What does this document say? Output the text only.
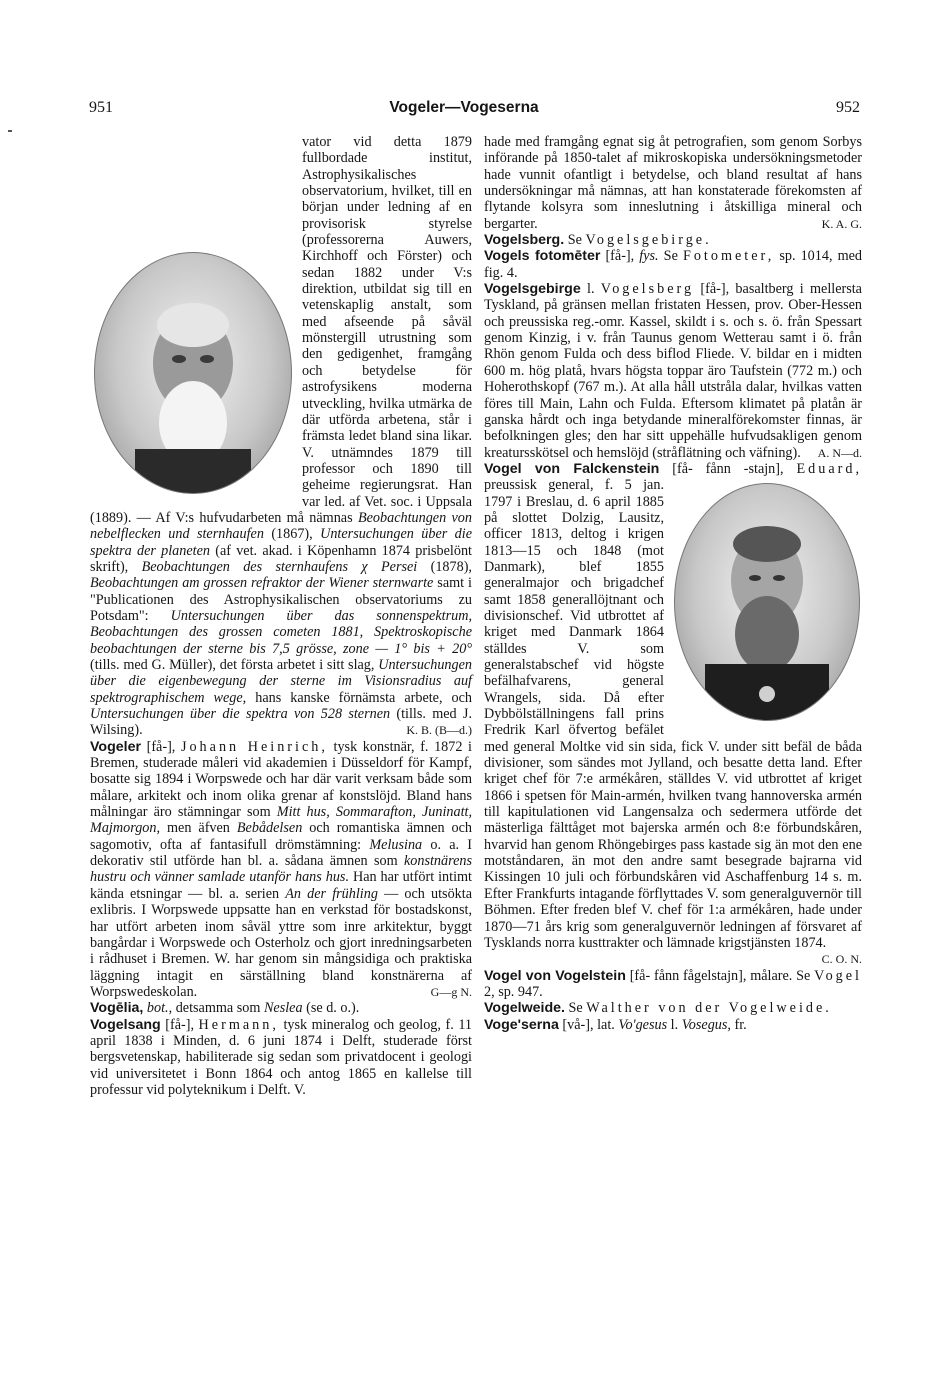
951	Vogeler—Vogeserna	952

vator vid detta 1879 fullbordade institut, Astrophysikalisches observatorium, hvilket, till en början under ledning af en provisorisk styrelse (professorerna Auwers, Kirchhoff och Förster) och sedan 1882 under V:s direktion, utbildat sig till en vetenskaplig anstalt, som med afseende på såväl mönstergill utrustning som den gedigenhet, framgång och betydelse för astrofysikens moderna utveckling, hvilka utmärka de där utförda arbetena, står i främsta ledet bland sina likar. V. utnämndes 1879 till professor och 1890 till geheime regierungsrat. Han var led. af Vet. soc. i Uppsala (1889). — Af V:s hufvudarbeten må nämnas Beobachtungen von nebelflecken und sternhaufen (1867), Untersuchungen über die spektra der planeten (af vet. akad. i Köpenhamn 1874 prisbelönt skrift), Beobachtungen des sternhaufens χ Persei (1878), Beobachtungen am grossen refraktor der Wiener sternwarte samt i "Publicationen des Astrophysikalischen observatoriums zu Potsdam": Untersuchungen über das sonnenspektrum, Beobachtungen des grossen cometen 1881, Spektroskopische beobachtungen der sterne bis 7,5 grösse, zone — 1° bis + 20° (tills. med G. Müller), det första arbetet i sitt slag, Untersuchungen über die eigenbewegung der sterne im Visionsradius auf spektrographischem wege, hans kanske förnämsta arbete, och Untersuchungen über die spektra von 528 sternen (tills. med J. Wilsing).	K. B. (B—d.)

Vogeler [få-], Johann Heinrich, tysk konstnär, f. 1872 i Bremen, studerade måleri vid akademien i Düsseldorf för Kampf, bosatte sig 1894 i Worpswede och har där varit verksam både som målare, arkitekt och inom olika grenar af konstslöjd. Bland hans målningar äro stämningar som Mitt hus, Sommarafton, Juninatt, Majmorgon, men äfven Bebådelsen och romantiska ämnen och sagomotiv, ofta af fantasifull drömstämning: Melusina o. a. I dekorativ stil utförde han bl. a. sådana ämnen som konstnärens hustru och vänner samlade utanför hans hus. Han har utfört intimt kända etsningar — bl. a. serien An der frühling — och utsökta exlibris. I Worpswede uppsatte han en verkstad för bostadskonst, har utfört arbeten inom såväl yttre som inre arkitektur, byggt bangårdar i Worpswede och Osterholz och gjort inredningsarbeten i rådhuset i Bremen. W. har genom sin mångsidiga och praktiska läggning intagit en särställning bland konstnärerna af Worpswedeskolan.	G—g N.

Vogēlia, bot., detsamma som Neslea (se d. o.).

Vogelsang [få-], Hermann, tysk mineralog och geolog, f. 11 april 1838 i Minden, d. 6 juni 1874 i Delft, studerade först bergsvetenskap, habiliterade sig sedan som privatdocent i geologi vid universitetet i Bonn 1864 och antog 1865 en kallelse till professur vid polyteknikum i Delft. V.

hade med framgång egnat sig åt petrografien, som genom Sorbys införande på 1850-talet af mikroskopiska undersökningsmetoder hade vunnit ofantligt i betydelse, och bland resultat af hans undersökningar må nämnas, att han konstaterade förekomsten af flytande kolsyra som inneslutning i åtskilliga mineral och bergarter.	K. A. G.

Vogelsberg. Se Vogelsgebirge.

Vogels fotomēter [få-], fys. Se Fotometer, sp. 1014, med fig. 4.

Vogelsgebirge l. Vogelsberg [få-], basaltberg i mellersta Tyskland, på gränsen mellan fristaten Hessen, prov. Ober-Hessen och preussiska reg.-omr. Kassel, skildt i s. och s. ö. från Spessart genom Kinzig, i v. från Taunus genom Wetterau samt i ö. från Rhön genom Fulda och dess biflod Fliede. V. bildar en i midten 600 m. hög platå, hvars högsta toppar äro Taufstein (772 m.) och Hoherothskopf (767 m.). At alla håll utstråla dalar, hvilkas vatten föres till Main, Lahn och Fulda. Eftersom klimatet på platån är ganska hårdt och inga betydande mineralförekomster finnas, är befolkningen gles; den har sitt uppehälle hufvudsakligen genom kreatursskötsel och hemslöjd (stråflätning och väfning). A. N—d.

Vogel von Falckenstein [få- fånn -stajn], Eduard,
preussisk general, f. 5 jan. 1797 i Breslau, d. 6 april 1885 på slottet Dolzig, Lausitz, officer 1813, deltog i krigen 1813—15 och 1848 (mot Danmark), blef 1855 generalmajor och brigadchef samt 1858 generallöjtnant och divisionschef. Vid utbrottet af kriget med Danmark 1864 ställdes V. som generalstabschef vid högste befälhafvarens, general Wrangels, sida. Då efter Dybbölställningens fall prins Fredrik Karl öfvertog befälet med general Moltke vid sin sida, fick V. under sitt befäl de båda divisioner, som sändes mot Jylland, och besatte detta land. Efter kriget chef för 7:e armékåren, ställdes V. vid utbrottet af kriget 1866 i spetsen för Main-armén, hvilken tvang hannoverska armén till kapitulationen vid Langensalza och sedermera utförde det mästerliga fälttåget mot bajerska armén och 8:e förbundskåren, hvarvid han genom Rhöngebirges pass kastade sig än mot den ene motståndaren, än mot den andre samt besegrade bajrarna vid Kissingen 10 juli och förbundskåren vid Aschaffenburg 14 s. m. Efter Frankfurts intagande förflyttades V. som generalguvernör till Böhmen. Efter freden blef V. chef för 1:a armékåren, hade under 1870—71 års krig som generalguvernör ledningen af försvaret af Tysklands norra kusttrakter och lämnade krigstjänsten 1874.
C. O. N.

Vogel von Vogelstein [få- fånn fågelstajn], målare. Se Vogel 2, sp. 947.

Vogelweide. Se Walther von der Vogelweide.

Voge'serna [vå-], lat. Vo'gesus l. Vosegus, fr.
